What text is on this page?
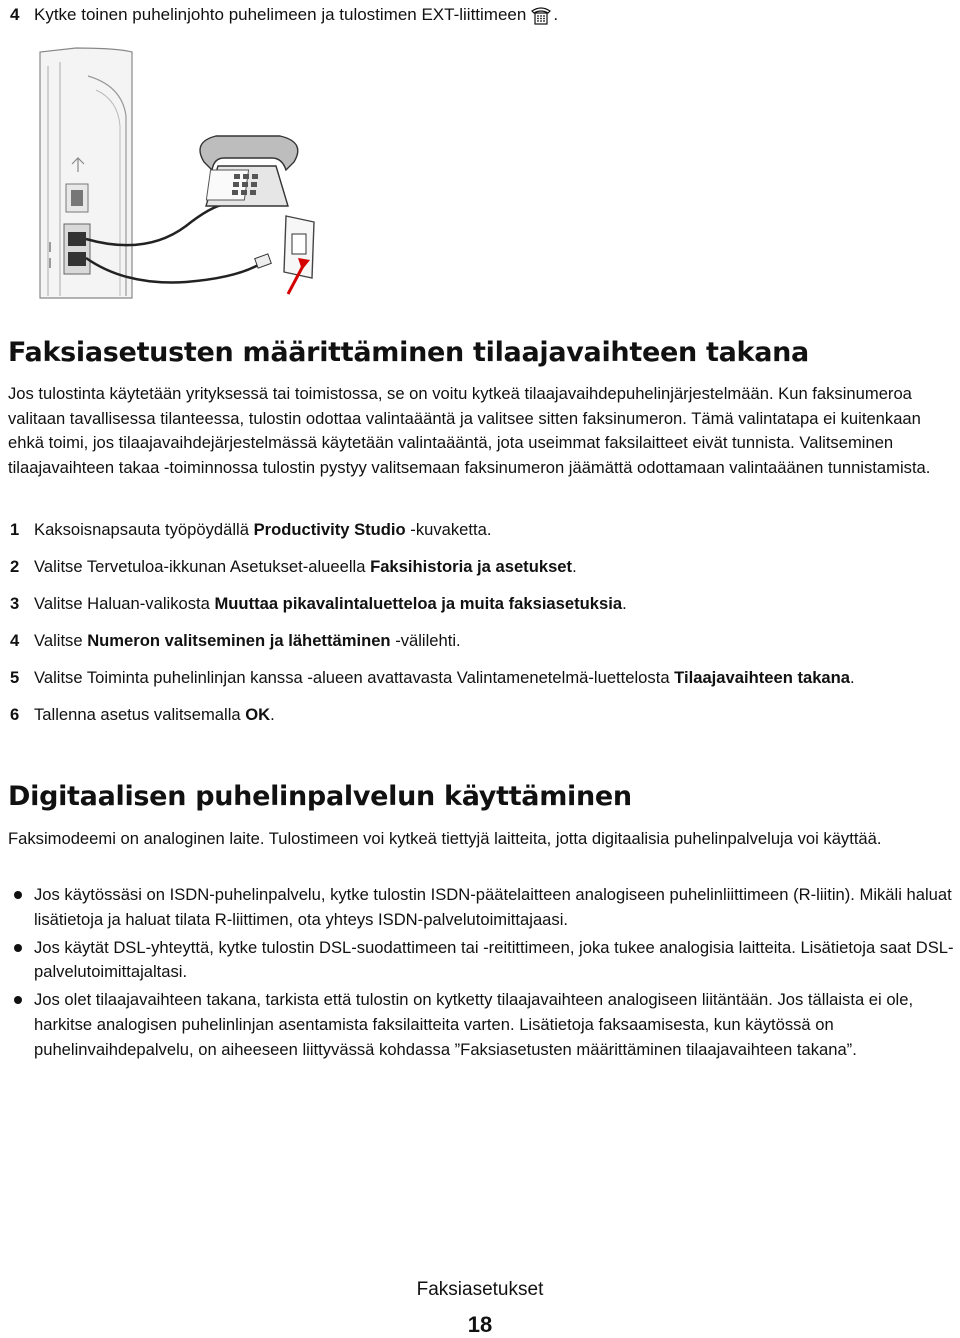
4 Kytke toinen puhelinjohto puhelimeen ja tulostimen EXT-liittimeen .
Faksiasetusten määrittäminen tilaajavaihteen takana

Jos tulostinta käytetään yrityksessä tai toimistossa, se on voitu kytkeä tilaajavaihdepuhelinjärjestelmään. Kun faksinumeroa valitaan tavallisessa tilanteessa, tulostin odottaa valintaääntä ja valitsee sitten faksinumeron. Tämä valintatapa ei kuitenkaan ehkä toimi, jos tilaajavaihdejärjestelmässä käytetään valintaääntä, jota useimmat faksilaitteet eivät tunnista. Valitseminen tilaajavaihteen takaa -toiminnossa tulostin pystyy valitsemaan faksinumeron jäämättä odottamaan valintaäänen tunnistamista.

1 Kaksoisnapsauta työpöydällä Productivity Studio -kuvaketta.
2 Valitse Tervetuloa-ikkunan Asetukset-alueella Faksihistoria ja asetukset.
3 Valitse Haluan-valikosta Muuttaa pikavalintaluetteloa ja muita faksiasetuksia.
4 Valitse Numeron valitseminen ja lähettäminen -välilehti.
5 Valitse Toiminta puhelinlinjan kanssa -alueen avattavasta Valintamenetelmä-luettelosta Tilaajavaihteen takana.
6 Tallenna asetus valitsemalla OK.
Digitaalisen puhelinpalvelun käyttäminen

Faksimodeemi on analoginen laite. Tulostimeen voi kytkeä tiettyjä laitteita, jotta digitaalisia puhelinpalveluja voi käyttää.

Jos käytössäsi on ISDN-puhelinpalvelu, kytke tulostin ISDN-päätelaitteen analogiseen puhelinliittimeen (R-liitin). Mikäli haluat lisätietoja ja haluat tilata R-liittimen, ota yhteys ISDN-palvelutoimittajaasi.
Jos käytät DSL-yhteyttä, kytke tulostin DSL-suodattimeen tai -reitittimeen, joka tukee analogisia laitteita. Lisätietoja saat DSL-palvelutoimittajaltasi.
Jos olet tilaajavaihteen takana, tarkista että tulostin on kytketty tilaajavaihteen analogiseen liitäntään. Jos tällaista ei ole, harkitse analogisen puhelinlinjan asentamista faksilaitteita varten. Lisätietoja faksaamisesta, kun käytössä on puhelinvaihdepalvelu, on aiheeseen liittyvässä kohdassa ”Faksiasetusten määrittäminen tilaajavaihteen takana”.
Faksiasetukset
18
